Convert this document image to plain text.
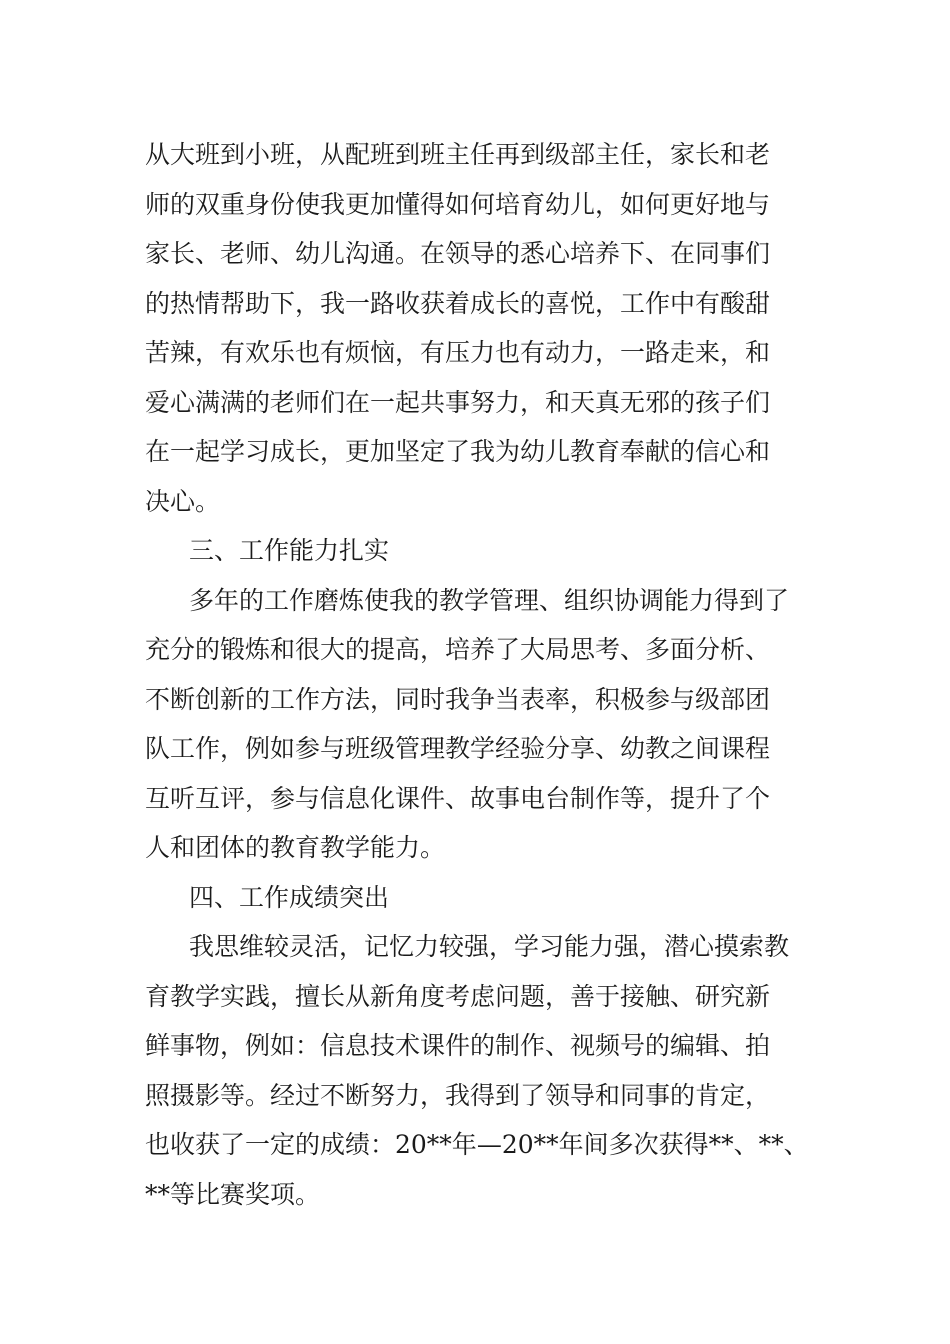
从大班到小班，从配班到班主任再到级部主任，家长和老
师的双重身份使我更加懂得如何培育幼儿，如何更好地与
家长、老师、幼儿沟通。在领导的悉心培养下、在同事们
的热情帮助下，我一路收获着成长的喜悦，工作中有酸甜
苦辣，有欢乐也有烦恼，有压力也有动力，一路走来，和
爱心满满的老师们在一起共事努力，和天真无邪的孩子们
在一起学习成长，更加坚定了我为幼儿教育奉献的信心和
决心。
三、工作能力扎实
多年的工作磨炼使我的教学管理、组织协调能力得到了
充分的锻炼和很大的提高，培养了大局思考、多面分析、
不断创新的工作方法，同时我争当表率，积极参与级部团
队工作，例如参与班级管理教学经验分享、幼教之间课程
互听互评，参与信息化课件、故事电台制作等，提升了个
人和团体的教育教学能力。
四、工作成绩突出
我思维较灵活，记忆力较强，学习能力强，潜心摸索教
育教学实践，擅长从新角度考虑问题，善于接触、研究新
鲜事物，例如：信息技术课件的制作、视频号的编辑、拍
照摄影等。经过不断努力，我得到了领导和同事的肯定，
也收获了一定的成绩：20**年—20**年间多次获得**、**、
**等比赛奖项。
